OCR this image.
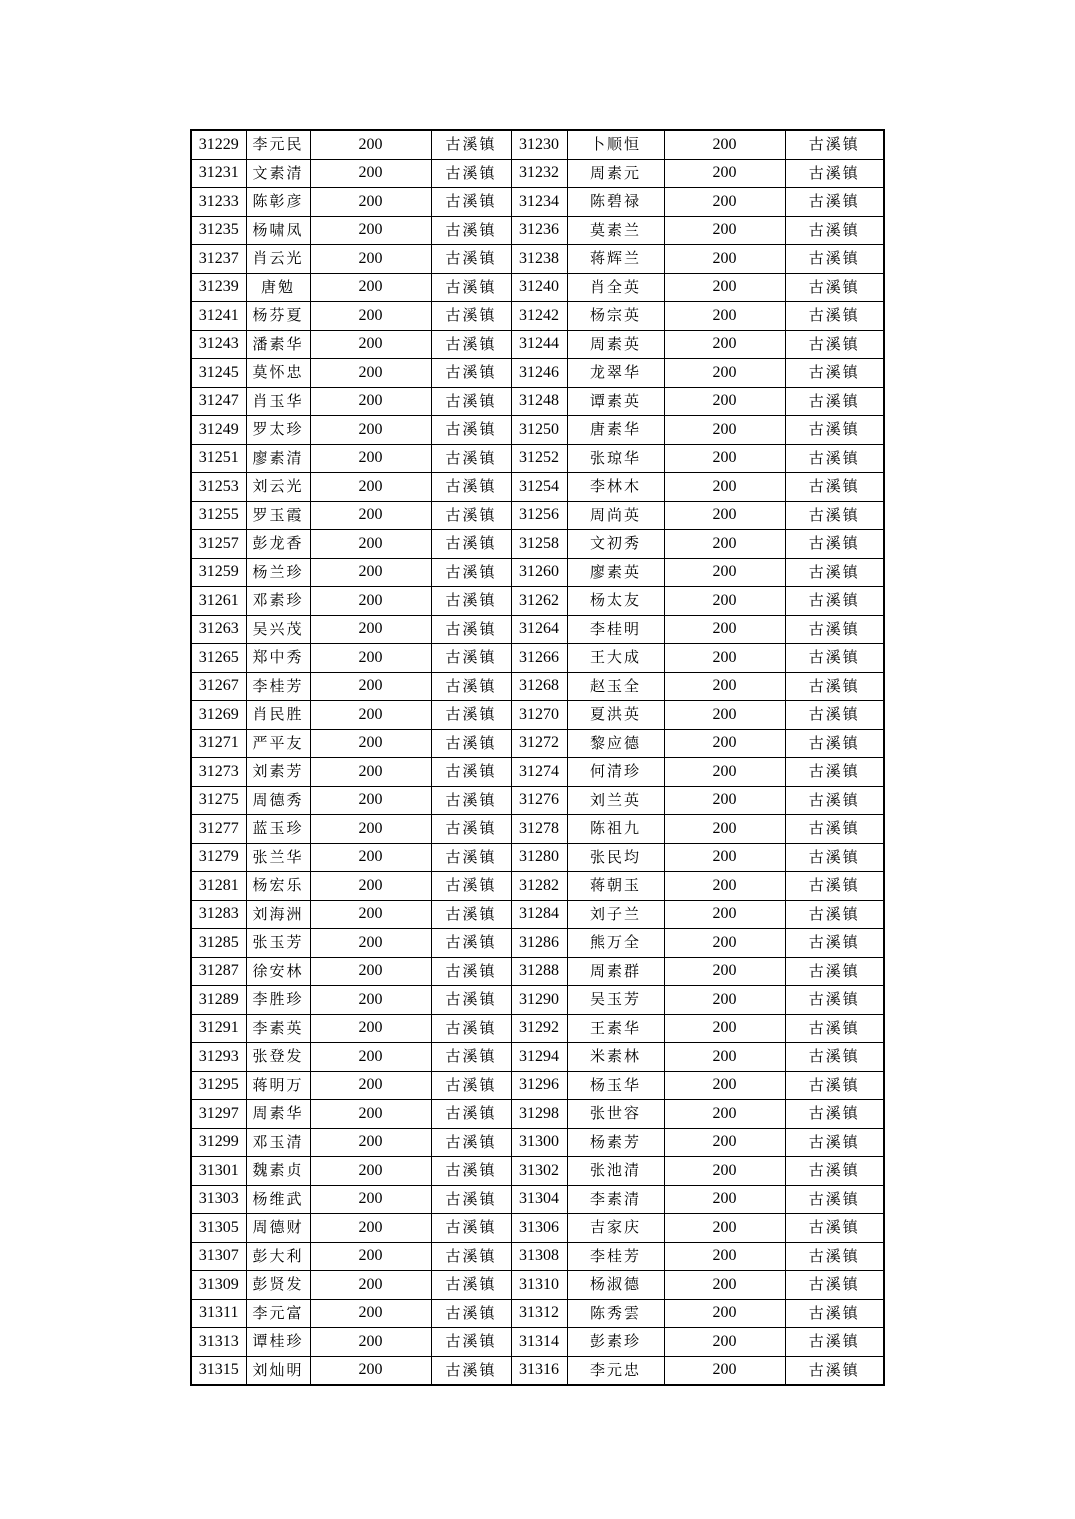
31229	李元民	200	古溪镇	31230	卜顺恒	200	古溪镇
31231	文素清	200	古溪镇	31232	周素元	200	古溪镇
31233	陈彰彦	200	古溪镇	31234	陈碧禄	200	古溪镇
31235	杨啸凤	200	古溪镇	31236	莫素兰	200	古溪镇
31237	肖云光	200	古溪镇	31238	蒋辉兰	200	古溪镇
31239	唐勉	200	古溪镇	31240	肖全英	200	古溪镇
31241	杨芬夏	200	古溪镇	31242	杨宗英	200	古溪镇
31243	潘素华	200	古溪镇	31244	周素英	200	古溪镇
31245	莫怀忠	200	古溪镇	31246	龙翠华	200	古溪镇
31247	肖玉华	200	古溪镇	31248	谭素英	200	古溪镇
31249	罗太珍	200	古溪镇	31250	唐素华	200	古溪镇
31251	廖素清	200	古溪镇	31252	张琼华	200	古溪镇
31253	刘云光	200	古溪镇	31254	李林木	200	古溪镇
31255	罗玉霞	200	古溪镇	31256	周尚英	200	古溪镇
31257	彭龙香	200	古溪镇	31258	文初秀	200	古溪镇
31259	杨兰珍	200	古溪镇	31260	廖素英	200	古溪镇
31261	邓素珍	200	古溪镇	31262	杨太友	200	古溪镇
31263	吴兴茂	200	古溪镇	31264	李桂明	200	古溪镇
31265	郑中秀	200	古溪镇	31266	王大成	200	古溪镇
31267	李桂芳	200	古溪镇	31268	赵玉全	200	古溪镇
31269	肖民胜	200	古溪镇	31270	夏洪英	200	古溪镇
31271	严平友	200	古溪镇	31272	黎应德	200	古溪镇
31273	刘素芳	200	古溪镇	31274	何清珍	200	古溪镇
31275	周德秀	200	古溪镇	31276	刘兰英	200	古溪镇
31277	蓝玉珍	200	古溪镇	31278	陈祖九	200	古溪镇
31279	张兰华	200	古溪镇	31280	张民均	200	古溪镇
31281	杨宏乐	200	古溪镇	31282	蒋朝玉	200	古溪镇
31283	刘海洲	200	古溪镇	31284	刘子兰	200	古溪镇
31285	张玉芳	200	古溪镇	31286	熊万全	200	古溪镇
31287	徐安林	200	古溪镇	31288	周素群	200	古溪镇
31289	李胜珍	200	古溪镇	31290	吴玉芳	200	古溪镇
31291	李素英	200	古溪镇	31292	王素华	200	古溪镇
31293	张登发	200	古溪镇	31294	米素林	200	古溪镇
31295	蒋明万	200	古溪镇	31296	杨玉华	200	古溪镇
31297	周素华	200	古溪镇	31298	张世容	200	古溪镇
31299	邓玉清	200	古溪镇	31300	杨素芳	200	古溪镇
31301	魏素贞	200	古溪镇	31302	张池清	200	古溪镇
31303	杨维武	200	古溪镇	31304	李素清	200	古溪镇
31305	周德财	200	古溪镇	31306	吉家庆	200	古溪镇
31307	彭大利	200	古溪镇	31308	李桂芳	200	古溪镇
31309	彭贤发	200	古溪镇	31310	杨淑德	200	古溪镇
31311	李元富	200	古溪镇	31312	陈秀雲	200	古溪镇
31313	谭桂珍	200	古溪镇	31314	彭素珍	200	古溪镇
31315	刘灿明	200	古溪镇	31316	李元忠	200	古溪镇
